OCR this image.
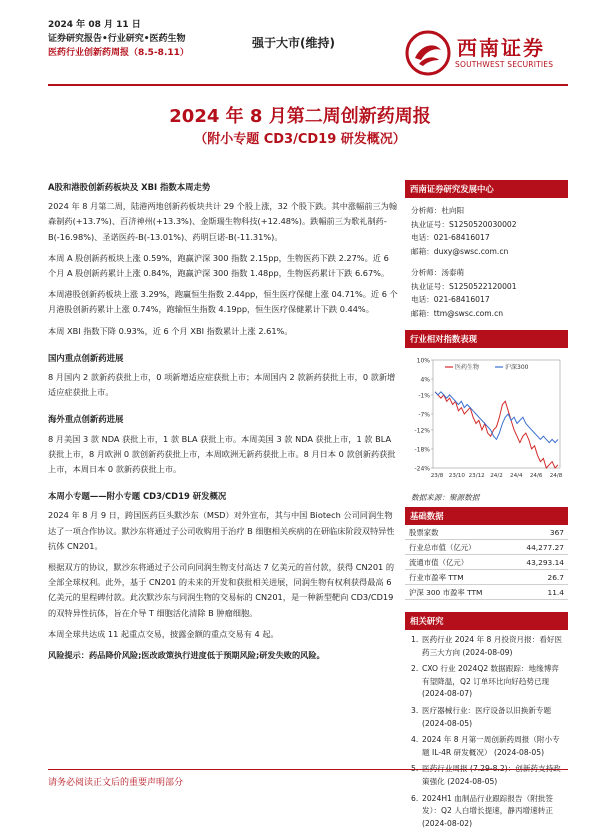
2024 年 08 月 11 日
证券研究报告•行业研究•医药生物
医药行业创新药周报（8.5-8.11）
强于大市(维持)	西南证券
SOUTHWEST SECURITIES
2024 年 8 月第二周创新药周报
（附小专题 CD3/CD19 研发概况）
A股和港股创新药板块及 XBI 指数本周走势

2024 年 8 月第二周，陆港两地创新药板块共计 29 个股上涨，32 个股下跌。其中涨幅前三为翰森制药(+13.7%)、百济神州(+13.3%)、金斯瑞生物科技(+12.48%)。跌幅前三为歌礼制药-B(-16.98%)、圣诺医药-B(-13.01%)、药明巨诺-B(-11.31%)。

本周 A 股创新药板块上涨 0.59%，跑赢沪深 300 指数 2.15pp，生物医药下跌 2.27%。近 6 个月 A 股创新药累计上涨 0.84%，跑赢沪深 300 指数 1.48pp，生物医药累计下跌 6.67%。

本周港股创新药板块上涨 3.29%，跑赢恒生指数 2.44pp，恒生医疗保健上涨 04.71%。近 6 个月港股创新药累计上涨 0.74%，跑输恒生指数 4.19pp，恒生医疗保健累计下跌 0.44%。

本周 XBI 指数下降 0.93%，近 6 个月 XBI 指数累计上涨 2.61%。

国内重点创新药进展

8 月国内 2 款新药获批上市，0 项新增适应症获批上市；本周国内 2 款新药获批上市，0 款新增适应症获批上市。

海外重点创新药进展

8 月美国 3 款 NDA 获批上市，1 款 BLA 获批上市。本周美国 3 款 NDA 获批上市，1 款 BLA 获批上市，8 月欧洲 0 款创新药获批上市，本周欧洲无新药获批上市。8 月日本 0 款创新药获批上市，本周日本 0 款新药获批上市。

本周小专题——附小专题 CD3/CD19 研发概况

2024 年 8 月 9 日，跨国医药巨头默沙东（MSD）对外宣布，其与中国 Biotech 公司同润生物达了一项合作协议。默沙东将通过子公司收购用于治疗 B 细胞相关疾病的在研临床阶段双特异性抗体 CN201。

根据双方的协议，默沙东将通过子公司向同润生物支付高达 7 亿美元的首付款，获得 CN201 的全部全球权利。此外，基于 CN201 的未来的开发和获批相关进展，同润生物有权利获得最高 6 亿美元的里程碑付款。此次默沙东与同润生物的交易标的 CN201，是一种新型靶向 CD3/CD19 的双特异性抗体，旨在介导 T 细胞活化清除 B 肿瘤细胞。

本周全球共达成 11 起重点交易，披露金额的重点交易有 4 起。

风险提示：药品降价风险;医改政策执行进度低于预期风险;研发失败的风险。

西南证券研究发展中心
分析师：杜向阳
执业证号：S1250520030002
电话：021-68416017
邮箱：duxy@swsc.com.cn
分析师：汤泰萌
执业证号：S1250522120001
电话：021-68416017
邮箱：ttm@swsc.com.cn
行业相对指数表现
10%
4%
-1%
-7%
-12%
-18%
-24%
23/8 23/10 23/12 24/2 24/4 24/6 24/8
医药生物	沪深300
数据来源：聚源数据
基础数据
股票家数	367
行业总市值（亿元）	44,277.27
流通市值（亿元）	43,293.14
行业市盈率 TTM	26.7
沪深 300 市盈率 TTM	11.4
相关研究
1. 医药行业 2024 年 8 月投资月报：看好医药三大方向 (2024-08-09)
2. CXO 行业 2024Q2 数据跟踪：地缘博弈有望降温，Q2 订单环比向好趋势已现 (2024-08-07)
3. 医疗器械行业：医疗设备以旧换新专题 (2024-08-05)
4. 2024 年 8 月第一周创新药周报（附小专题 IL-4R 研发概况） (2024-08-05)
策强化 (2024-08-05)
6. 2024H1 血制品行业跟踪报告（附批签发）：Q2 人白增长提速，静丙增速转正 (2024-08-02)
请务必阅读正文后的重要声明部分
